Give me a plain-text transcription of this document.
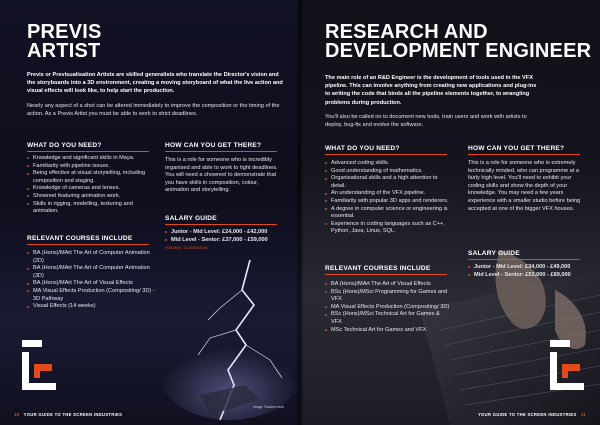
Image: Student work
PREVIS
ARTIST
Previs or Previsualisation Artists are skilled generalists who translate the Director's vision and the storyboards into a 3D environment, creating a moving storyboard of what the live action and visual effects will look like, to help start the production.
Nearly any aspect of a shot can be altered immediately to improve the composition or the timing of the action. As a Previs Artist you must be able to work to strict deadlines.
WHAT DO YOU NEED?
Knowledge and significant skills in Maya.
Familiarity with pipeline issues.
Being effective at visual storytelling, including composition and staging.
Knowledge of cameras and lenses.
Showreel featuring animation work.
Skills in rigging, modelling, texturing and animation.
RELEVANT COURSES INCLUDE
BA (Hons)/MArt The Art of Computer Animation (2D)
BA (Hons)/MArt The Art of Computer Animation (3D)
BA (Hons)/MArt The Art of Visual Effects
MA Visual Effects Production (Compositing/ 3D) - 3D Pathway
Visual Effects (14 weeks)
HOW CAN YOU GET THERE?
This is a role for someone who is incredibly organised and able to work to tight deadlines. You will need a showreel to demonstrate that you have skills in composition, colour, animation and storytelling.
SALARY GUIDE
Junior - Mid Level: £24,000 - £42,000
Mid Level - Senior: £37,000 - £59,000
(SOURCE: CLASSROOM)
10 YOUR GUIDE TO THE SCREEN INDUSTRIES
RESEARCH AND
DEVELOPMENT ENGINEER
The main role of an R&D Engineer is the development of tools used in the VFX pipeline. This can involve anything from creating new applications and plug-ins to writing the code that binds all the pipeline elements together, to wrangling problems during production.
You'll also be called on to document new tools, train users and work with artists to deploy, bug-fix and evolve the software.
WHAT DO YOU NEED?
Advanced coding skills.
Good understanding of mathematics.
Organisational skills and a high attention to detail.
An understanding of the VFX pipeline.
Familiarity with popular 3D apps and renderers.
A degree in computer science or engineering is essential.
Experience in coding languages such as C++, Python, Java, Linux, SQL.
RELEVANT COURSES INCLUDE
BA (Hons)/MArt The Art of Visual Effects
BSc (Hons)/MSci Programming for Games and VFX
MA Visual Effects Production (Compositing/ 3D)
BSc (Hons)/MSci Technical Art for Games & VFX
MSc Technical Art for Games and VFX
HOW CAN YOU GET THERE?
This is a role for someone who is extremely technically minded, who can programme at a fairly high level. You'll need to exhibit your coding skills and show the depth of your knowledge. You may need a few years experience with a smaller studio before being accepted at one of the bigger VFX houses.
SALARY GUIDE
Junior - Mid Level: £34,000 - £49,000
Mid Level - Senior: £53,000 - £89,000
YOUR GUIDE TO THE SCREEN INDUSTRIES 11
